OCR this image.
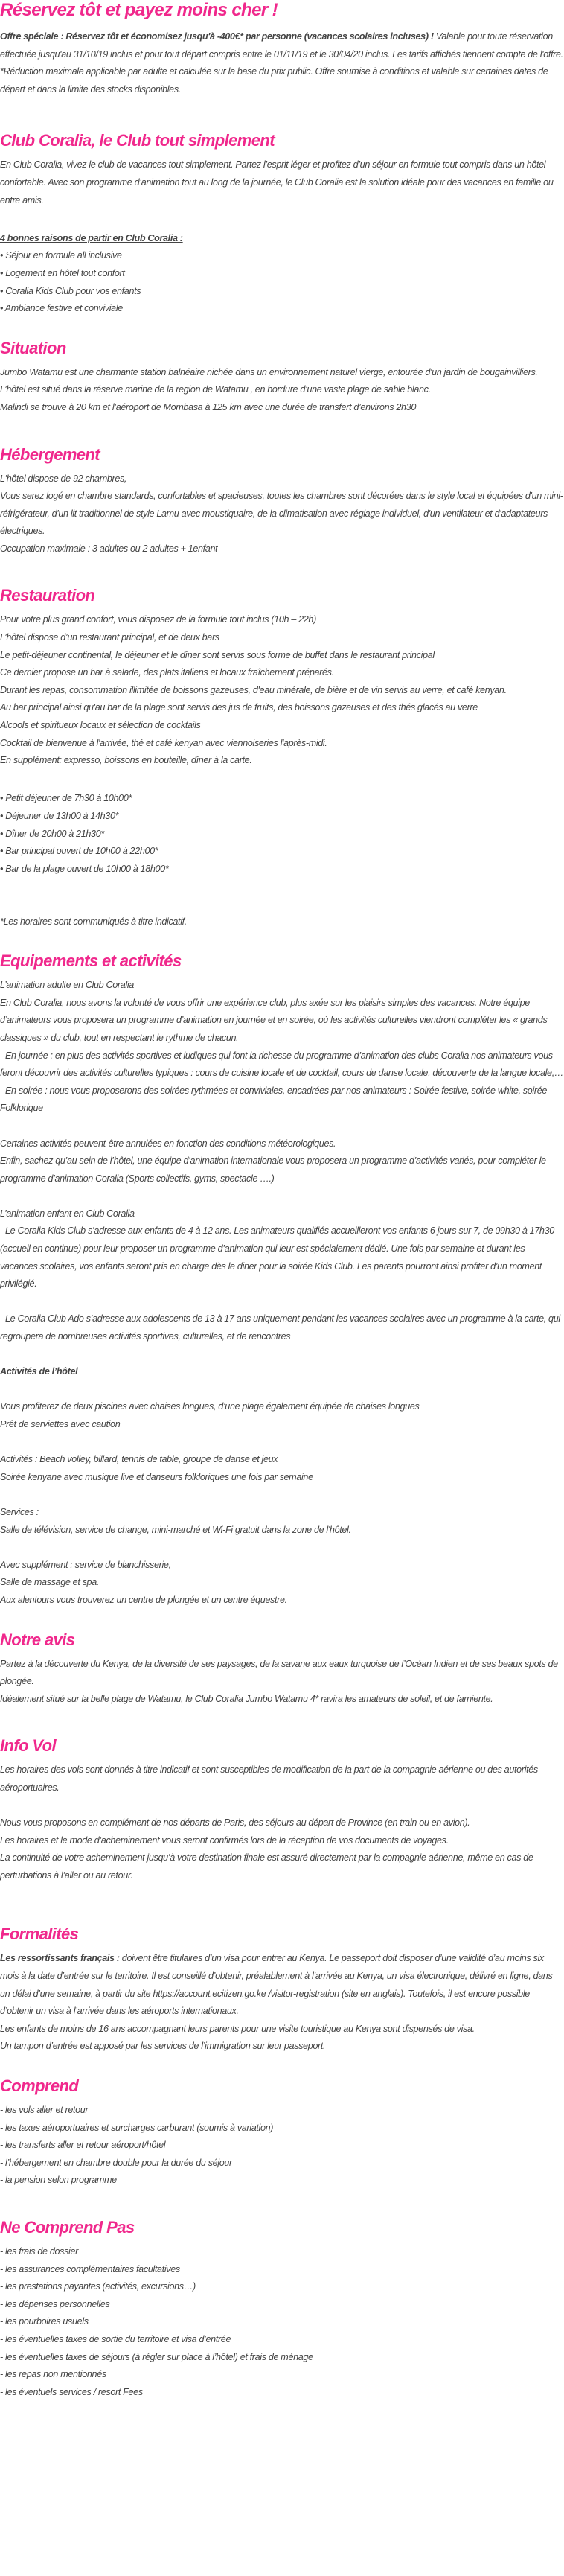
Réservez tôt et payez moins cher !

Offre spéciale : Réservez tôt et économisez jusqu'à -400€* par personne (vacances scolaires incluses) ! Valable pour toute réservation effectuée jusqu'au 31/10/19 inclus et pour tout départ compris entre le 01/11/19 et le 30/04/20 inclus. Les tarifs affichés tiennent compte de l'offre.

*Réduction maximale applicable par adulte et calculée sur la base du prix public. Offre soumise à conditions et valable sur certaines dates de départ et dans la limite des stocks disponibles.

Club Coralia, le Club tout simplement

En Club Coralia, vivez le club de vacances tout simplement. Partez l’esprit léger et profitez d’un séjour en formule tout compris dans un hôtel confortable. Avec son programme d’animation tout au long de la journée, le Club Coralia est la solution idéale pour des vacances en famille ou entre amis.

4 bonnes raisons de partir en Club Coralia :

• Séjour en formule all inclusive
• Logement en hôtel tout confort
• Coralia Kids Club pour vos enfants
• Ambiance festive et conviviale
Situation

Jumbo Watamu est une charmante station balnéaire nichée dans un environnement naturel vierge, entourée d'un jardin de bougainvilliers.

L’hôtel est situé dans la réserve marine de la region de Watamu , en bordure d’une vaste plage de sable blanc.

Malindi se trouve à 20 km et l’aéroport de Mombasa à 125 km avec une durée de transfert d’environs 2h30

Hébergement

L'hôtel dispose de 92 chambres,

Vous serez logé en chambre standards, confortables et spacieuses, toutes les chambres sont décorées dans le style local et équipées d'un mini-réfrigérateur, d'un lit traditionnel de style Lamu avec moustiquaire, de la climatisation avec réglage individuel, d'un ventilateur et d'adaptateurs électriques.

Occupation maximale : 3 adultes ou 2 adultes + 1enfant

Restauration

Pour votre plus grand confort, vous disposez de la formule tout inclus (10h – 22h)

L’hôtel dispose d’un restaurant principal, et de deux bars

Le petit-déjeuner continental, le déjeuner et le dîner sont servis sous forme de buffet dans le restaurant principal

Ce dernier propose un bar à salade, des plats italiens et locaux fraîchement préparés.

Durant les repas, consommation illimitée de boissons gazeuses, d'eau minérale, de bière et de vin servis au verre, et café kenyan.

Au bar principal ainsi qu'au bar de la plage sont servis des jus de fruits, des boissons gazeuses et des thés glacés au verre

Alcools et spiritueux locaux et sélection de cocktails

Cocktail de bienvenue à l'arrivée, thé et café kenyan avec viennoiseries l'après-midi.

En supplément: expresso, boissons en bouteille, dîner à la carte.

• Petit déjeuner de 7h30 à 10h00*
• Déjeuner de 13h00 à 14h30*
• Dîner de 20h00 à 21h30*
• Bar principal ouvert de 10h00 à 22h00*
• Bar de la plage ouvert de 10h00 à 18h00*

*Les horaires sont communiqués à titre indicatif.

Equipements et activités

L’animation adulte en Club Coralia

En Club Coralia, nous avons la volonté de vous offrir une expérience club, plus axée sur les plaisirs simples des vacances. Notre équipe d’animateurs vous proposera un programme d’animation en journée et en soirée, où les activités culturelles viendront compléter les « grands classiques » du club, tout en respectant le rythme de chacun.

- En journée : en plus des activités sportives et ludiques qui font la richesse du programme d’animation des clubs Coralia nos animateurs vous feront découvrir des activités culturelles typiques : cours de cuisine locale et de cocktail, cours de danse locale, découverte de la langue locale,…

- En soirée : nous vous proposerons des soirées rythmées et conviviales, encadrées par nos animateurs : Soirée festive, soirée white, soirée Folklorique

Certaines activités peuvent-être annulées en fonction des conditions météorologiques.

Enfin, sachez qu’au sein de l’hôtel, une équipe d’animation internationale vous proposera un programme d’activités variés, pour compléter le programme d’animation Coralia (Sports collectifs, gyms, spectacle ….)

L’animation enfant en Club Coralia

- Le Coralia Kids Club s’adresse aux enfants de 4 à 12 ans. Les animateurs qualifiés accueilleront vos enfants 6 jours sur 7, de 09h30 à 17h30 (accueil en continue) pour leur proposer un programme d’animation qui leur est spécialement dédié. Une fois par semaine et durant les vacances scolaires, vos enfants seront pris en charge dès le diner pour la soirée Kids Club. Les parents pourront ainsi profiter d’un moment privilégié.

- Le Coralia Club Ado s’adresse aux adolescents de 13 à 17 ans uniquement pendant les vacances scolaires avec un programme à la carte, qui regroupera de nombreuses activités sportives, culturelles, et de rencontres

Activités de l’hôtel

Vous profiterez de deux piscines avec chaises longues, d’une plage également équipée de chaises longues

Prêt de serviettes avec caution

Activités : Beach volley, billard, tennis de table, groupe de danse et jeux

Soirée kenyane avec musique live et danseurs folkloriques une fois par semaine

Services :

Salle de télévision, service de change, mini-marché et Wi-Fi gratuit dans la zone de l'hôtel.

Avec supplément : service de blanchisserie,

Salle de massage et spa.

Aux alentours vous trouverez un centre de plongée et un centre équestre.

Notre avis

Partez à la découverte du Kenya, de la diversité de ses paysages, de la savane aux eaux turquoise de l’Océan Indien et de ses beaux spots de plongée.

Idéalement situé sur la belle plage de Watamu, le Club Coralia Jumbo Watamu 4* ravira les amateurs de soleil, et de farniente.

Info Vol

Les horaires des vols sont donnés à titre indicatif et sont susceptibles de modification de la part de la compagnie aérienne ou des autorités aéroportuaires.

Nous vous proposons en complément de nos départs de Paris, des séjours au départ de Province (en train ou en avion).

Les horaires et le mode d’acheminement vous seront confirmés lors de la réception de vos documents de voyages.

La continuité de votre acheminement jusqu’à votre destination finale est assuré directement par la compagnie aérienne, même en cas de perturbations à l’aller ou au retour.

Formalités

Les ressortissants français : doivent être titulaires d’un visa pour entrer au Kenya. Le passeport doit disposer d’une validité d’au moins six mois à la date d’entrée sur le territoire. Il est conseillé d’obtenir, préalablement à l’arrivée au Kenya, un visa électronique, délivré en ligne, dans un délai d’une semaine, à partir du site https://account.ecitizen.go.ke /visitor-registration (site en anglais). Toutefois, il est encore possible d’obtenir un visa à l’arrivée dans les aéroports internationaux.

Les enfants de moins de 16 ans accompagnant leurs parents pour une visite touristique au Kenya sont dispensés de visa.

Un tampon d’entrée est apposé par les services de l’immigration sur leur passeport.

Comprend
- les vols aller et retour
- les taxes aéroportuaires et surcharges carburant (soumis à variation)
- les transferts aller et retour aéroport/hôtel
- l’hébergement en chambre double pour la durée du séjour
- la pension selon programme
Ne Comprend Pas
- les frais de dossier
- les assurances complémentaires facultatives
- les prestations payantes (activités, excursions…)
- les dépenses personnelles
- les pourboires usuels
- les éventuelles taxes de sortie du territoire et visa d’entrée
- les éventuelles taxes de séjours (à régler sur place à l’hôtel) et frais de ménage
- les repas non mentionnés
- les éventuels services / resort Fees
